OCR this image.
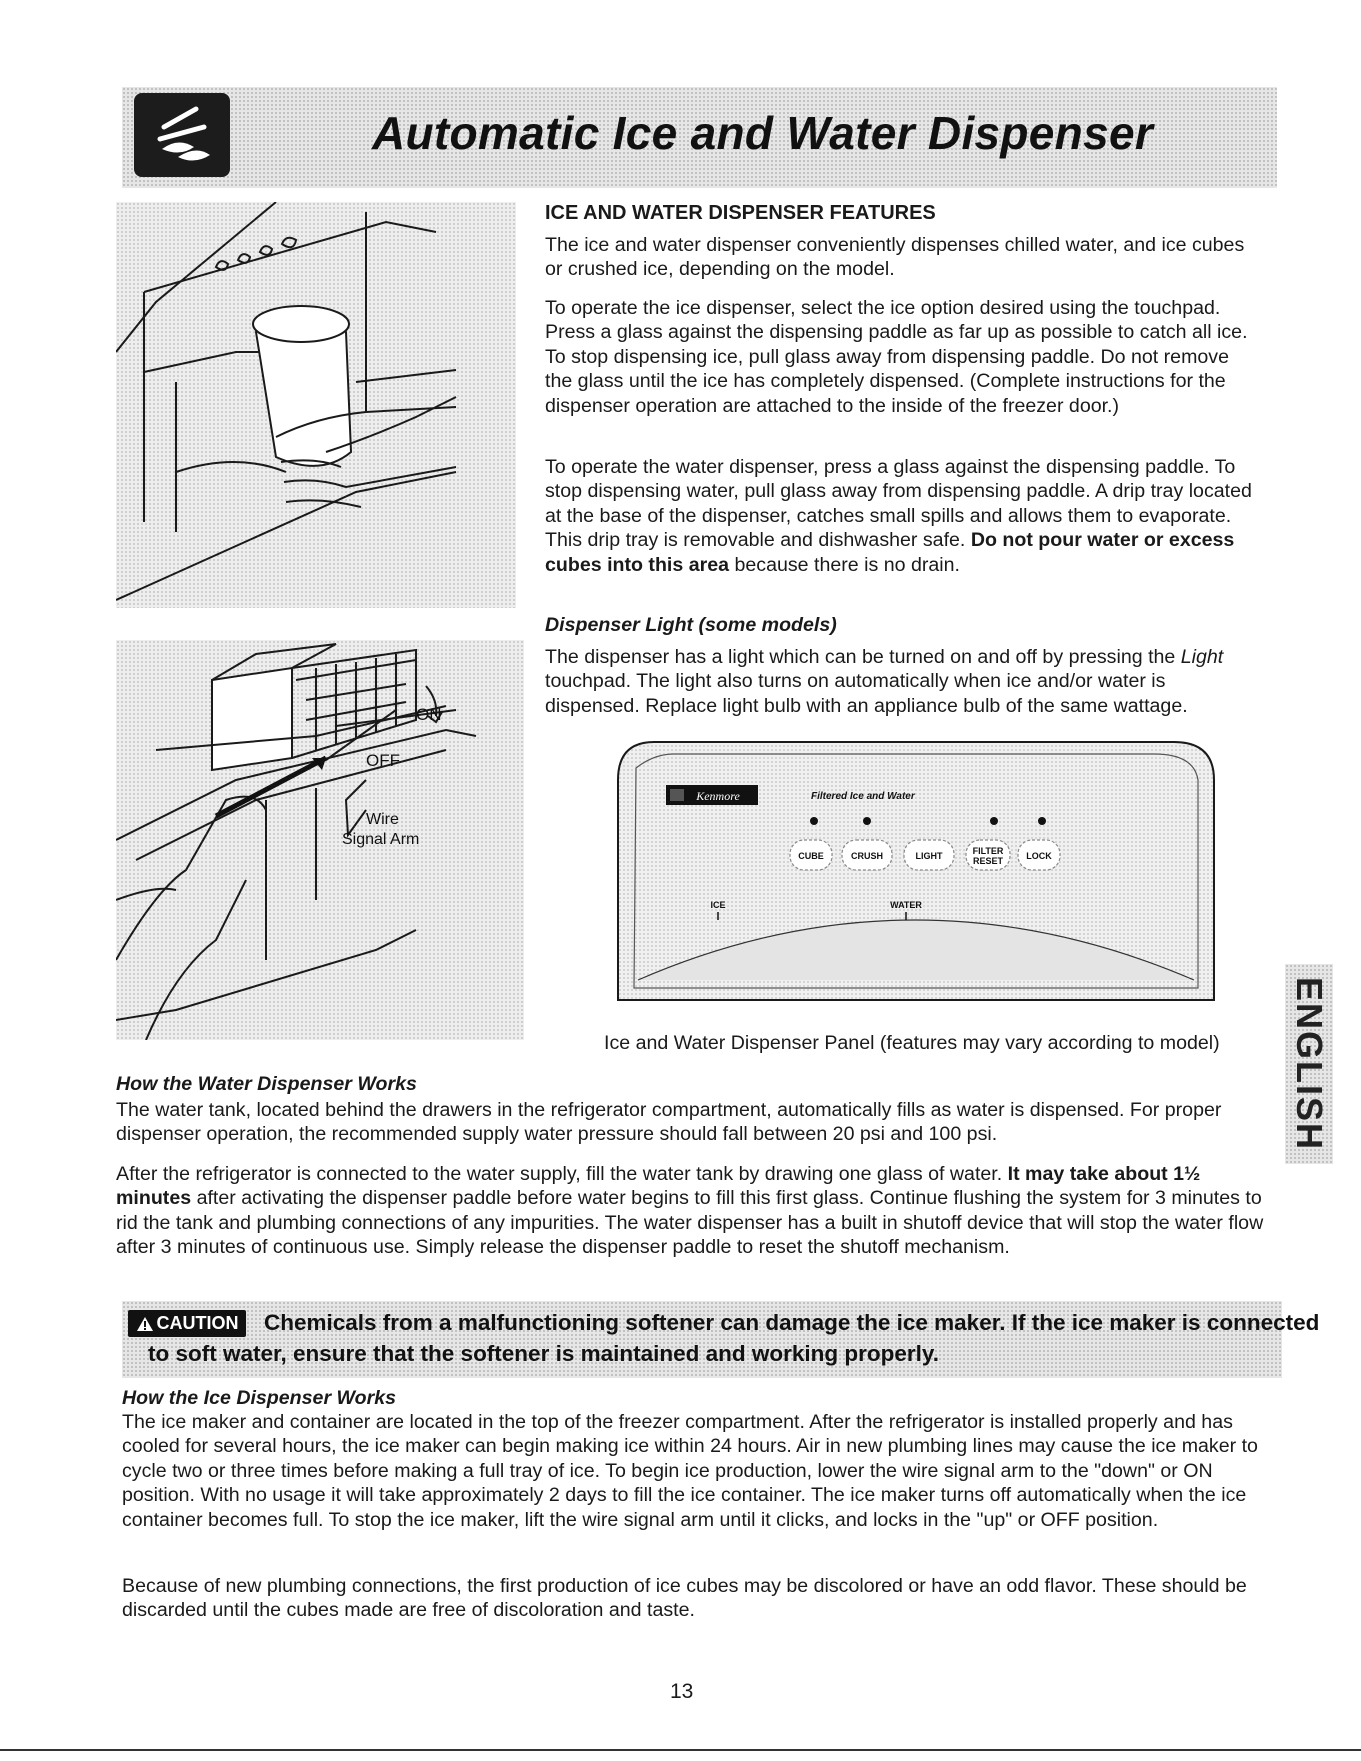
Automatic Ice and Water Dispenser
ON
OFF
Wire
Signal Arm
ICE AND WATER DISPENSER FEATURES
The ice and water dispenser conveniently dispenses chilled water, and ice cubes or crushed ice, depending on the model.
To operate the ice dispenser, select the ice option desired using the touchpad. Press a glass against the dispensing paddle as far up as possible to catch all ice. To stop dispensing ice, pull glass away from dispensing paddle. Do not remove the glass until the ice has completely dispensed. (Complete instructions for the dispenser operation are attached to the inside of the freezer door.)
To operate the water dispenser, press a glass against the dispensing paddle. To stop dispensing water, pull glass away from dispensing paddle. A drip tray located at the base of the dispenser, catches small spills and allows them to evaporate. This drip tray is removable and dishwasher safe. Do not pour water or excess cubes into this area because there is no drain.
Dispenser Light (some models)
The dispenser has a light which can be turned on and off by pressing the Light touchpad. The light also turns on automatically when ice and/or water is dispensed. Replace light bulb with an appliance bulb of the same wattage.
Kenmore	Filtered Ice and Water
CUBE	CRUSH	LIGHT	FILTER
RESET	LOCK
ICE	WATER
Ice and Water Dispenser Panel (features may vary according to model)
How the Water Dispenser Works
The water tank, located behind the drawers in the refrigerator compartment, automatically fills as water is dispensed. For proper dispenser operation, the recommended supply water pressure should fall between 20 psi and 100 psi.
After the refrigerator is connected to the water supply, fill the water tank by drawing one glass of water. It may take about 1½ minutes after activating the dispenser paddle before water begins to fill this first glass. Continue flushing the system for 3 minutes to rid the tank and plumbing connections of any impurities. The water dispenser has a built in shutoff device that will stop the water flow after 3 minutes of continuous use. Simply release the dispenser paddle to reset the shutoff mechanism.
CAUTION Chemicals from a malfunctioning softener can damage the ice maker. If the ice maker is connected
to soft water, ensure that the softener is maintained and working properly.
How the Ice Dispenser Works
The ice maker and container are located in the top of the freezer compartment. After the refrigerator is installed properly and has cooled for several hours, the ice maker can begin making ice within 24 hours. Air in new plumbing lines may cause the ice maker to cycle two or three times before making a full tray of ice. To begin ice production, lower the wire signal arm to the "down" or ON position. With no usage it will take approximately 2 days to fill the ice container. The ice maker turns off automatically when the ice container becomes full. To stop the ice maker, lift the wire signal arm until it clicks, and locks in the "up" or OFF position.
Because of new plumbing connections, the first production of ice cubes may be discolored or have an odd flavor. These should be discarded until the cubes made are free of discoloration and taste.
13
ENGLISH
